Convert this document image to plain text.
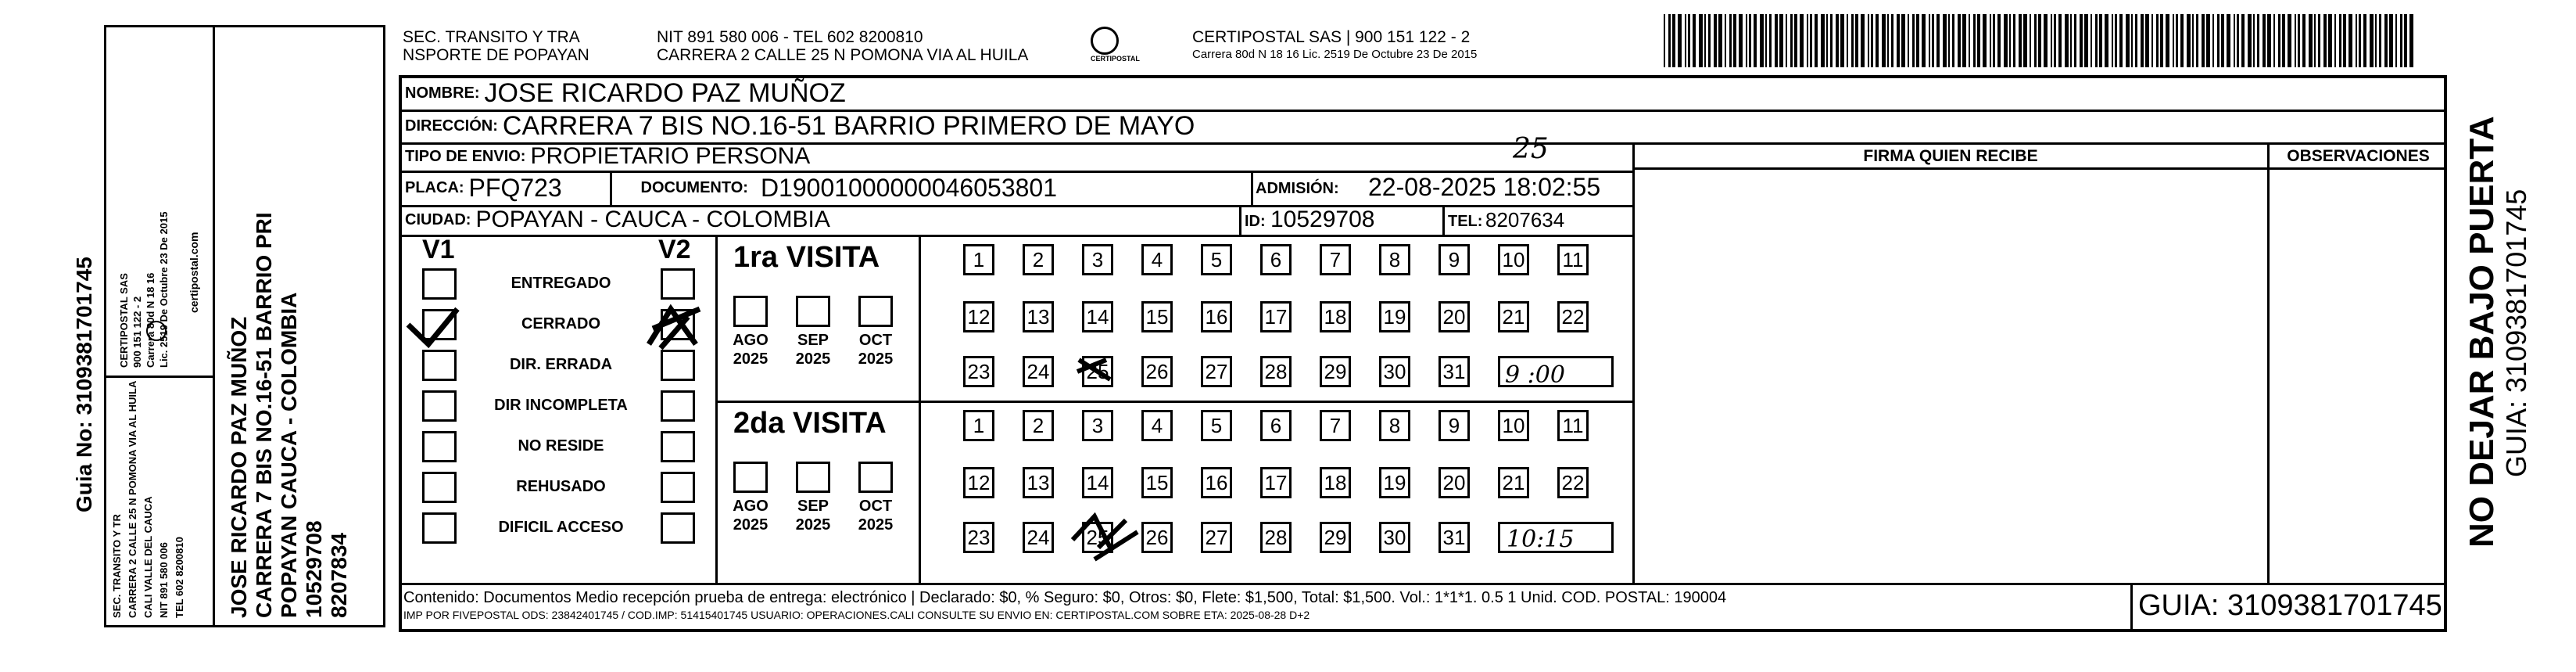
Guia No: 3109381701745
SEC. TRANSITO Y TR CARRERA 2 CALLE 25 N POMONA VIA AL HUILA CALI VALLE DEL CAUCA NIT 891 580 006 TEL 602 8200810
CERTIPOSTAL SAS 900 151 122 - 2 Carrera 80d N 18 16 Lic. 2519 De Octubre 23 De 2015 certipostal.com
JOSE RICARDO PAZ MUÑOZ CARRERA 7 BIS NO.16-51 BARRIO PRI POPAYAN CAUCA - COLOMBIA 10529708 8207834
SEC. TRANSITO Y TRA
NSPORTE DE POPAYAN
NIT 891 580 006 - TEL 602 8200810
CARRERA 2 CALLE 25 N POMONA VIA AL HUILA	CERTIPOSTAL
CERTIPOSTAL SAS | 900 151 122 - 2
Carrera 80d N 18 16 Lic. 2519 De Octubre 23 De 2015
NOMBRE: JOSE RICARDO PAZ MUÑOZ
DIRECCIÓN: CARRERA 7 BIS NO.16-51 BARRIO PRIMERO DE MAYO
TIPO DE ENVIO: PROPIETARIO PERSONA	25
PLACA: PFQ723	DOCUMENTO: D19001000000046053801	ADMISIÓN: 22-08-2025 18:02:55
CIUDAD: POPAYAN - CAUCA - COLOMBIA	ID: 10529708	TEL: 8207634
FIRMA QUIEN RECIBE	OBSERVACIONES
V1	V2
ENTREGADO
CERRADO
DIR. ERRADA
DIR INCOMPLETA
NO RESIDE
REHUSADO
DIFICIL ACCESO
1ra VISITA
2da VISITA
AGO
2025
SEP
2025
OCT
2025
AGO
2025
SEP
2025
OCT
2025
1	2	3	4	5	6	7	8	9	10 11
12 13 14 15 16 17 18 19 20 21 22
23 24 25 26 27 28 29 30 31
1	2	3	4	5	6	7	8	9	10 11
12 13 14 15 16 17 18 19 20 21 22
23 24 25 26 27 28 29 30 31
9 :00
10:15
Contenido: Documentos Medio recepción prueba de entrega: electrónico | Declarado: $0, % Seguro: $0, Otros: $0, Flete: $1,500, Total: $1,500. Vol.: 1*1*1. 0.5 1 Unid. COD. POSTAL: 190004
IMP POR FIVEPOSTAL ODS: 23842401745 / COD.IMP: 51415401745 USUARIO: OPERACIONES.CALI CONSULTE SU ENVIO EN: CERTIPOSTAL.COM SOBRE ETA: 2025-08-28 D+2	GUIA: 3109381701745
NO DEJAR BAJO PUERTA GUIA: 3109381701745
